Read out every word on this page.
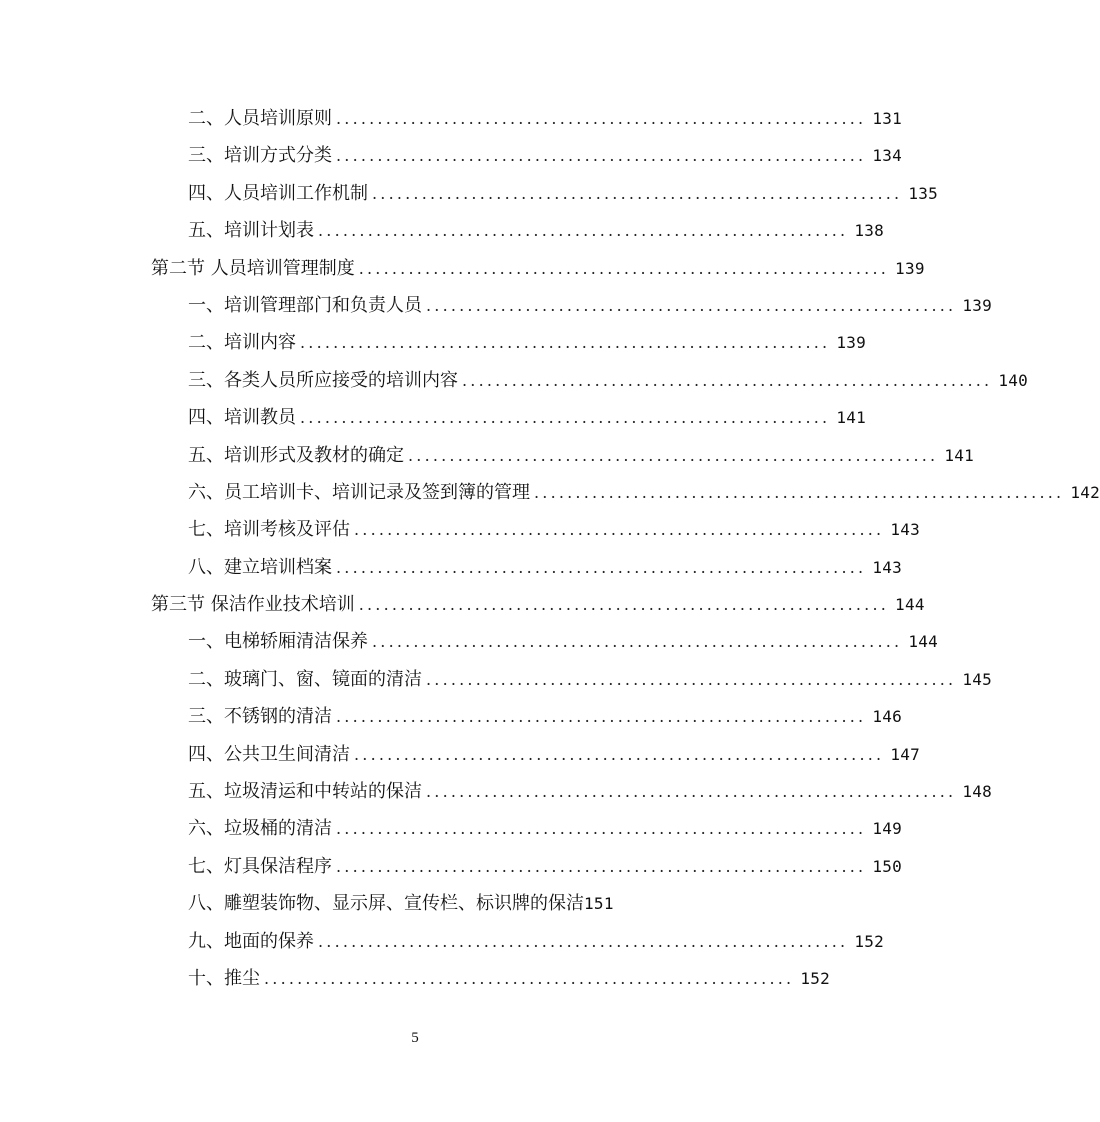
二、人员培训原则 ................................................................ 131
三、培训方式分类 ................................................................ 134
四、人员培训工作机制 ................................................................ 135
五、培训计划表 ................................................................ 138
第二节 人员培训管理制度 ................................................................ 139
一、培训管理部门和负责人员 ................................................................ 139
二、培训内容 ................................................................ 139
三、各类人员所应接受的培训内容 ................................................................ 140
四、培训教员 ................................................................ 141
五、培训形式及教材的确定 ................................................................ 141
六、员工培训卡、培训记录及签到簿的管理 ................................................................ 142
七、培训考核及评估 ................................................................ 143
八、建立培训档案 ................................................................ 143
第三节 保洁作业技术培训 ................................................................ 144
一、电梯轿厢清洁保养 ................................................................ 144
二、玻璃门、窗、镜面的清洁 ................................................................ 145
三、不锈钢的清洁 ................................................................ 146
四、公共卫生间清洁 ................................................................ 147
五、垃圾清运和中转站的保洁 ................................................................ 148
六、垃圾桶的清洁 ................................................................ 149
七、灯具保洁程序 ................................................................ 150
八、雕塑装饰物、显示屏、宣传栏、标识牌的保洁 151
九、地面的保养 ................................................................ 152
十、推尘 ................................................................ 152
5
